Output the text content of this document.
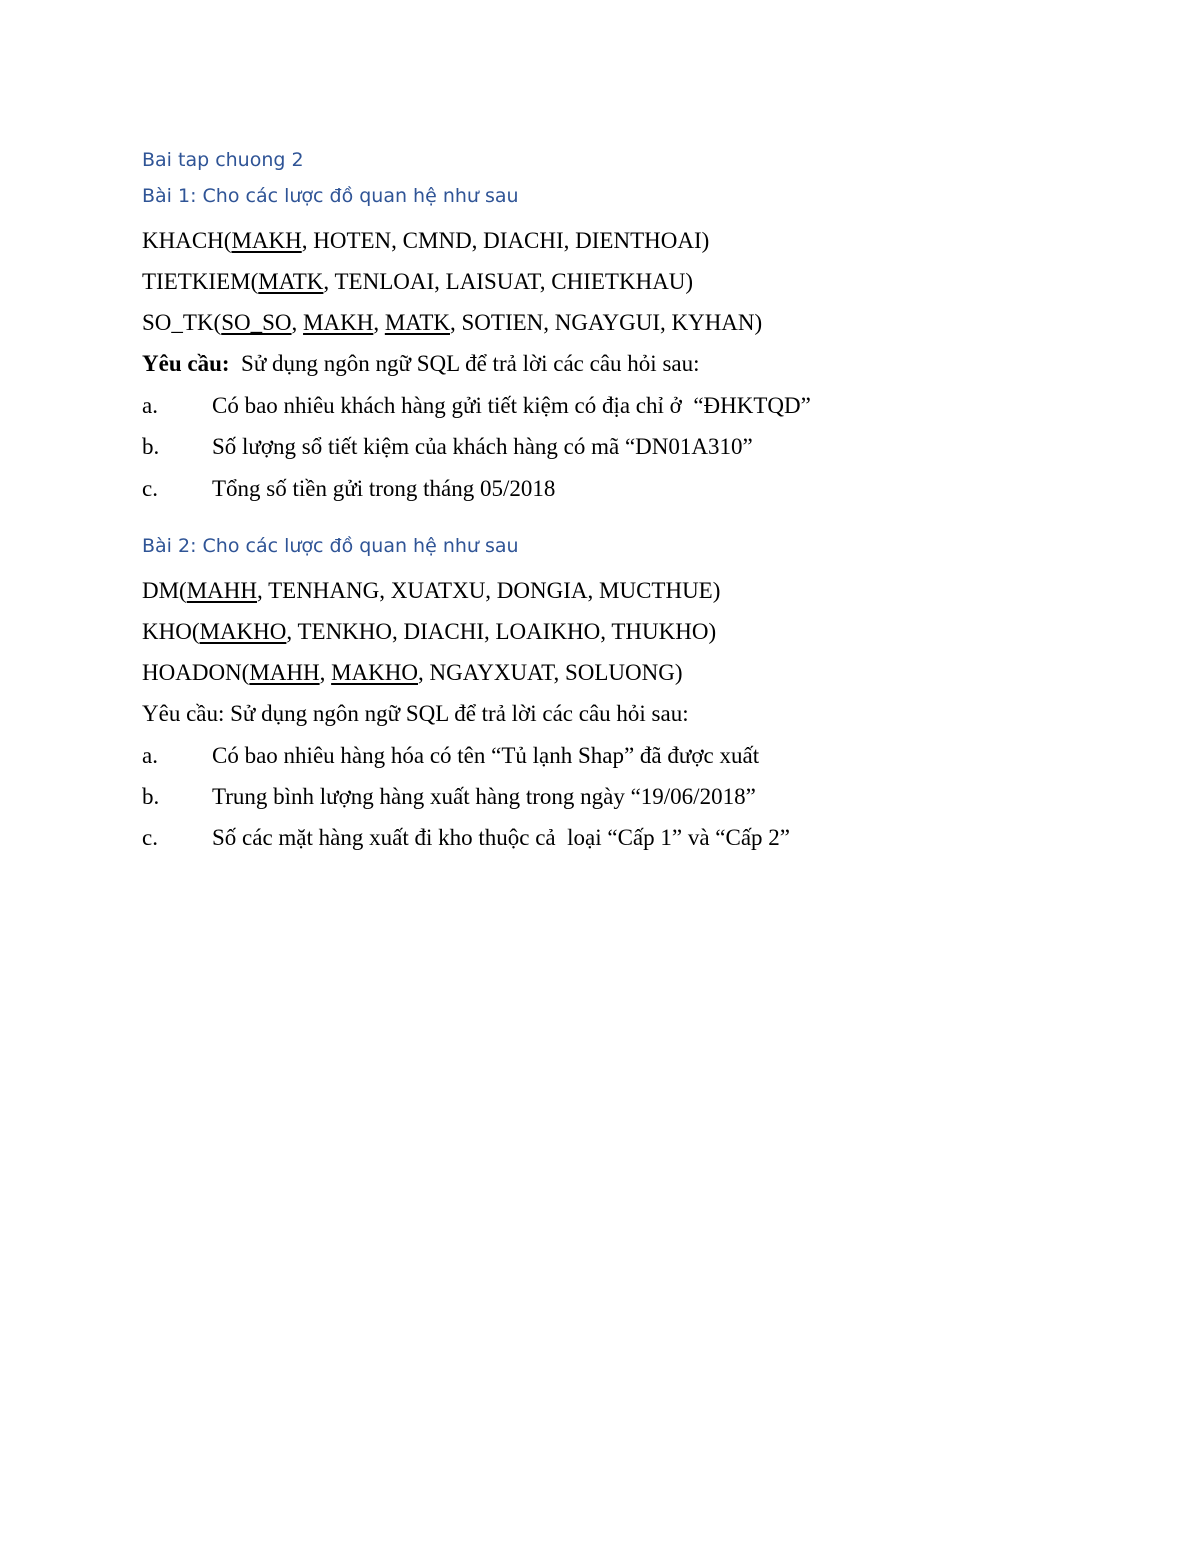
Bai tap chuong 2
Bài 1: Cho các lược đồ quan hệ như sau
KHACH(MAKH, HOTEN, CMND, DIACHI, DIENTHOAI)
TIETKIEM(MATK, TENLOAI, LAISUAT, CHIETKHAU)
SO_TK(SO_SO, MAKH, MATK, SOTIEN, NGAYGUI, KYHAN)
Yêu cầu:  Sử dụng ngôn ngữ SQL để trả lời các câu hỏi sau:
a. Có bao nhiêu khách hàng gửi tiết kiệm có địa chỉ ở  “ĐHKTQD”
b. Số lượng sổ tiết kiệm của khách hàng có mã “DN01A310”
c. Tổng số tiền gửi trong tháng 05/2018
Bài 2: Cho các lược đồ quan hệ như sau
DM(MAHH, TENHANG, XUATXU, DONGIA, MUCTHUE)
KHO(MAKHO, TENKHO, DIACHI, LOAIKHO, THUKHO)
HOADON(MAHH, MAKHO, NGAYXUAT, SOLUONG)
Yêu cầu: Sử dụng ngôn ngữ SQL để trả lời các câu hỏi sau:
a. Có bao nhiêu hàng hóa có tên “Tủ lạnh Shap” đã được xuất
b. Trung bình lượng hàng xuất hàng trong ngày “19/06/2018”
c. Số các mặt hàng xuất đi kho thuộc cả  loại “Cấp 1” và “Cấp 2”
